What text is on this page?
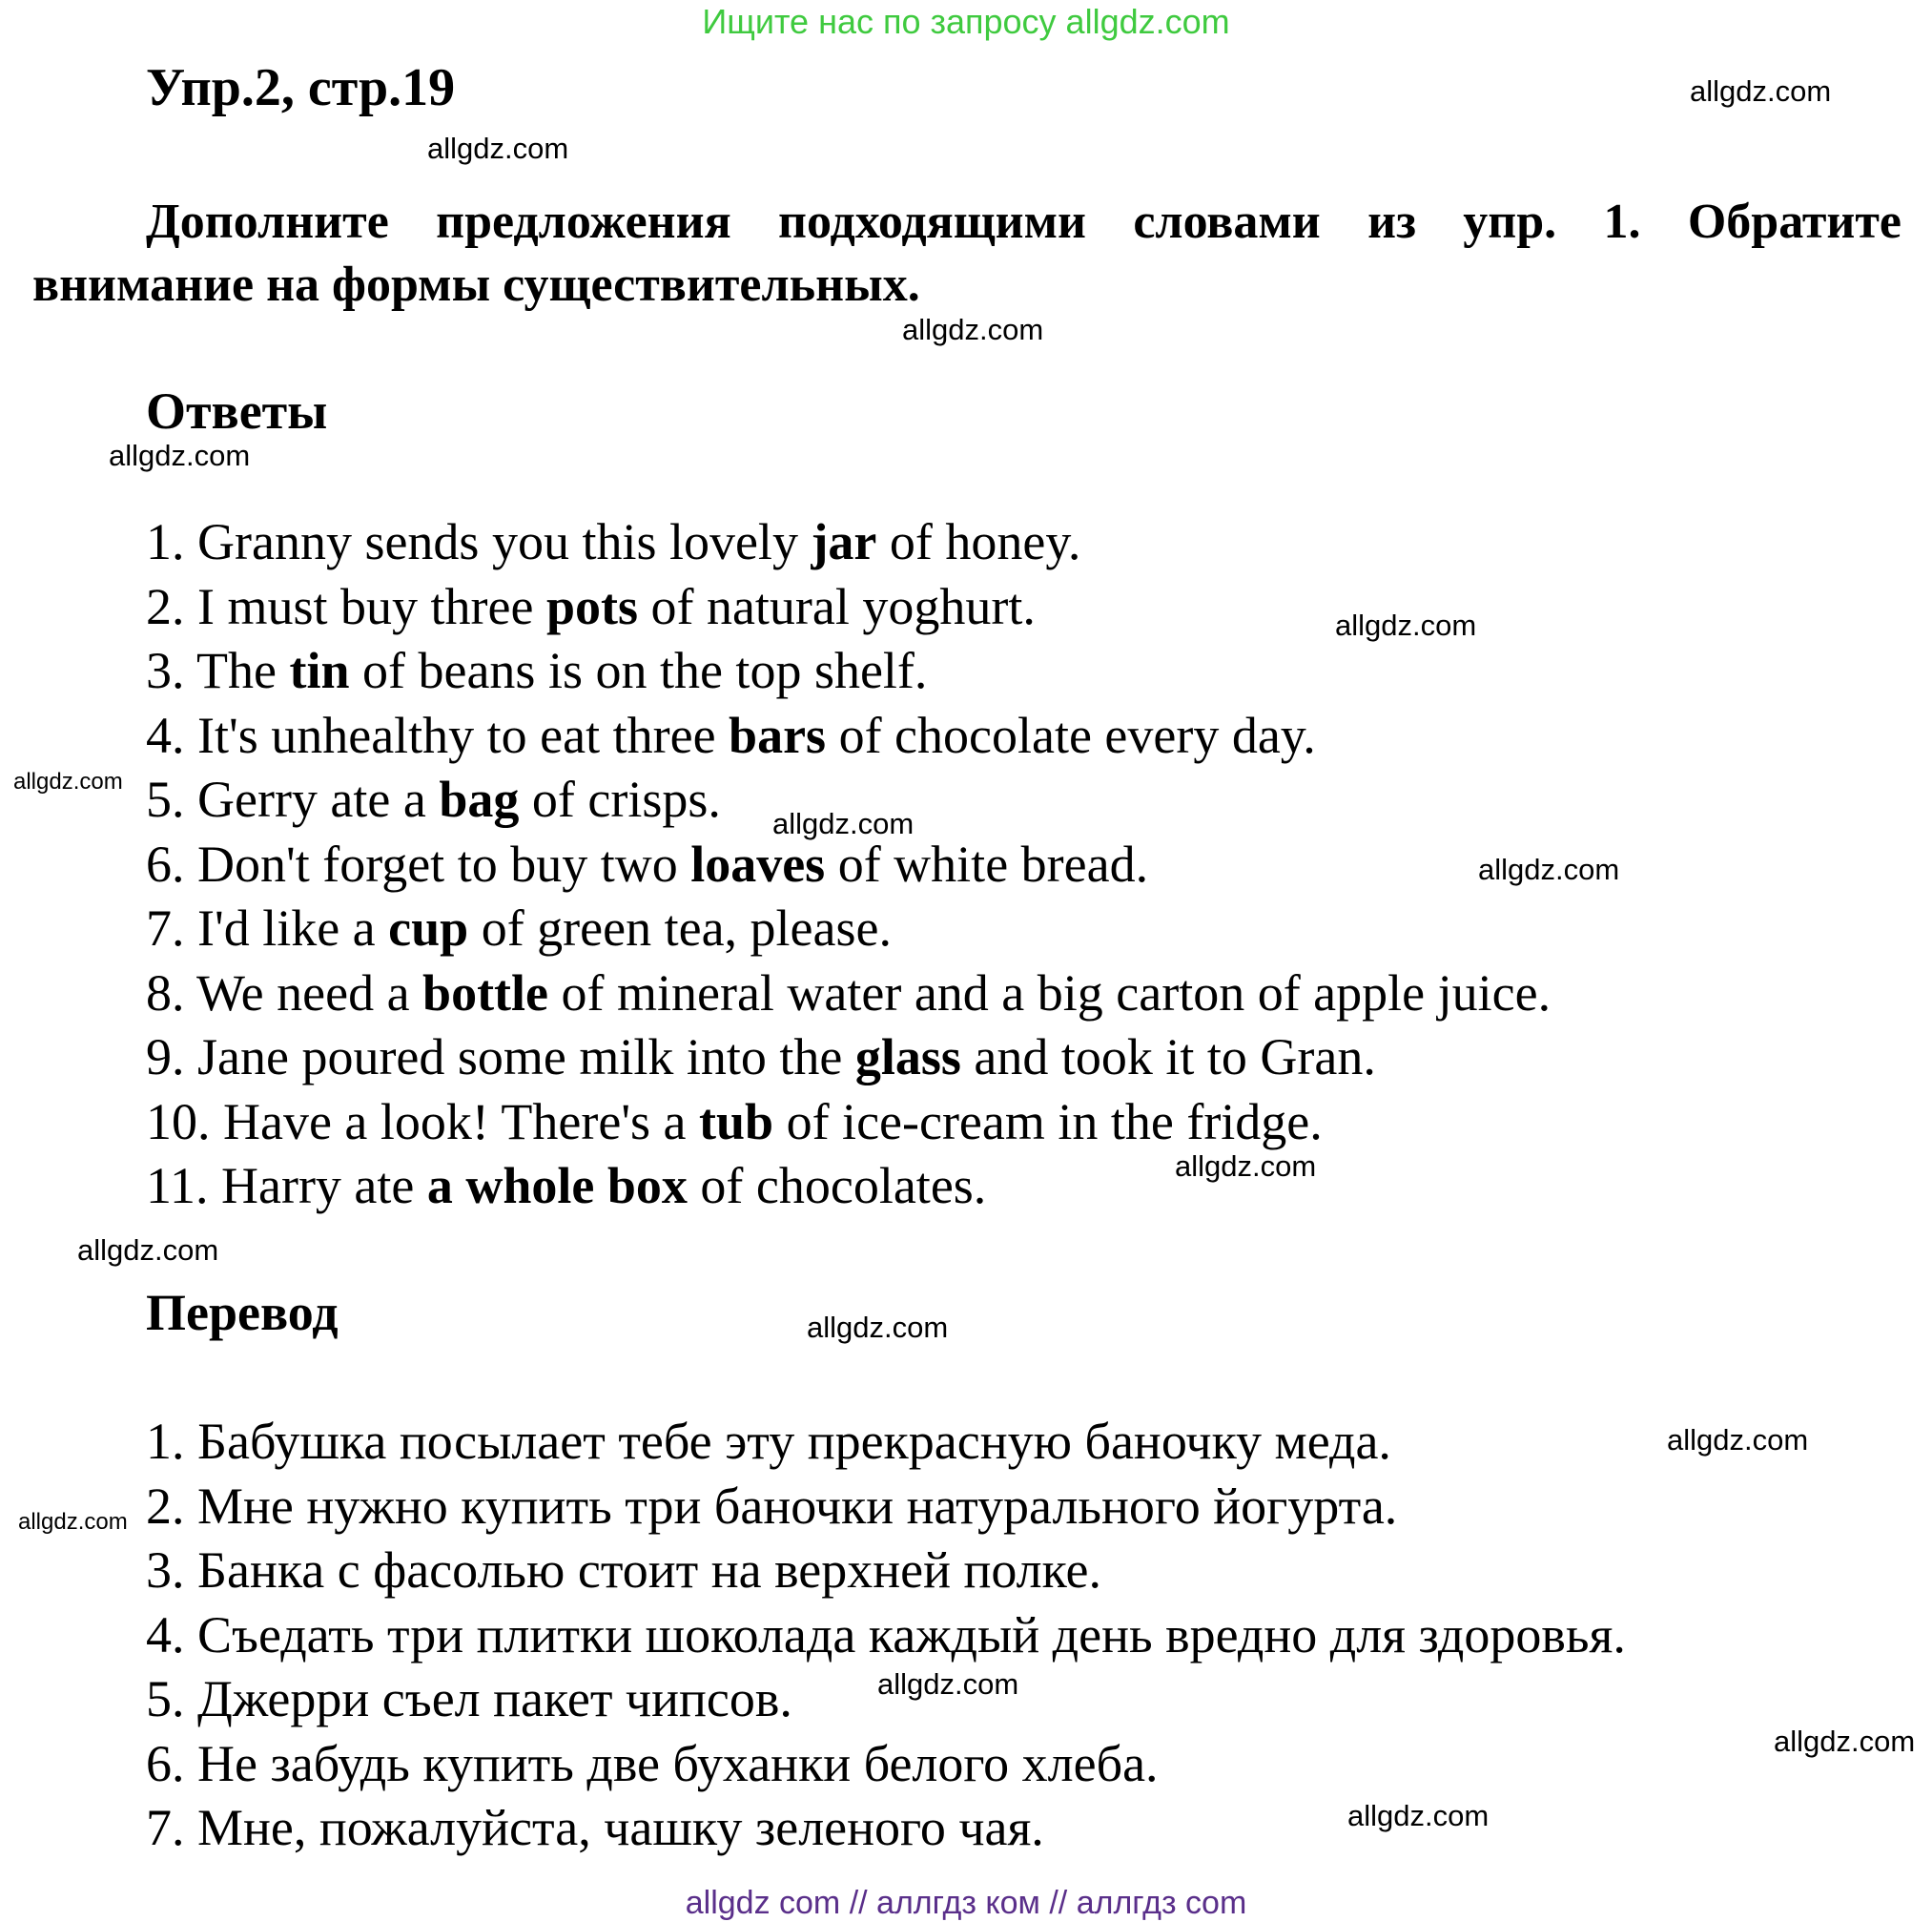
Ищите нас по запросу allgdz.com
Упр.2, стр.19
Дополните предложения подходящими словами из упр. 1. Обратите
внимание на формы существительных.
Ответы
1. Granny sends you this lovely jar of honey.
2. I must buy three pots of natural yoghurt.
3. The tin of beans is on the top shelf.
4. It's unhealthy to eat three bars of chocolate every day.
5. Gerry ate a bag of crisps.
6. Don't forget to buy two loaves of white bread.
7. I'd like a cup of green tea, please.
8. We need a bottle of mineral water and a big carton of apple juice.
9. Jane poured some milk into the glass and took it to Gran.
10. Have a look! There's a tub of ice-cream in the fridge.
11. Harry ate a whole box of chocolates.
Перевод
1. Бабушка посылает тебе эту прекрасную баночку меда.
2. Мне нужно купить три баночки натурального йогурта.
3. Банка с фасолью стоит на верхней полке.
4. Съедать три плитки шоколада каждый день вредно для здоровья.
5. Джерри съел пакет чипсов.
6. Не забудь купить две буханки белого хлеба.
7. Мне, пожалуйста, чашку зеленого чая.
allgdz.com
allgdz.com
allgdz.com
allgdz.com
allgdz.com
allgdz.com
allgdz.com
allgdz.com
allgdz.com
allgdz.com
allgdz.com
allgdz.com
allgdz.com
allgdz.com
allgdz.com
allgdz.com
allgdz com // аллгдз ком // аллгдз com
